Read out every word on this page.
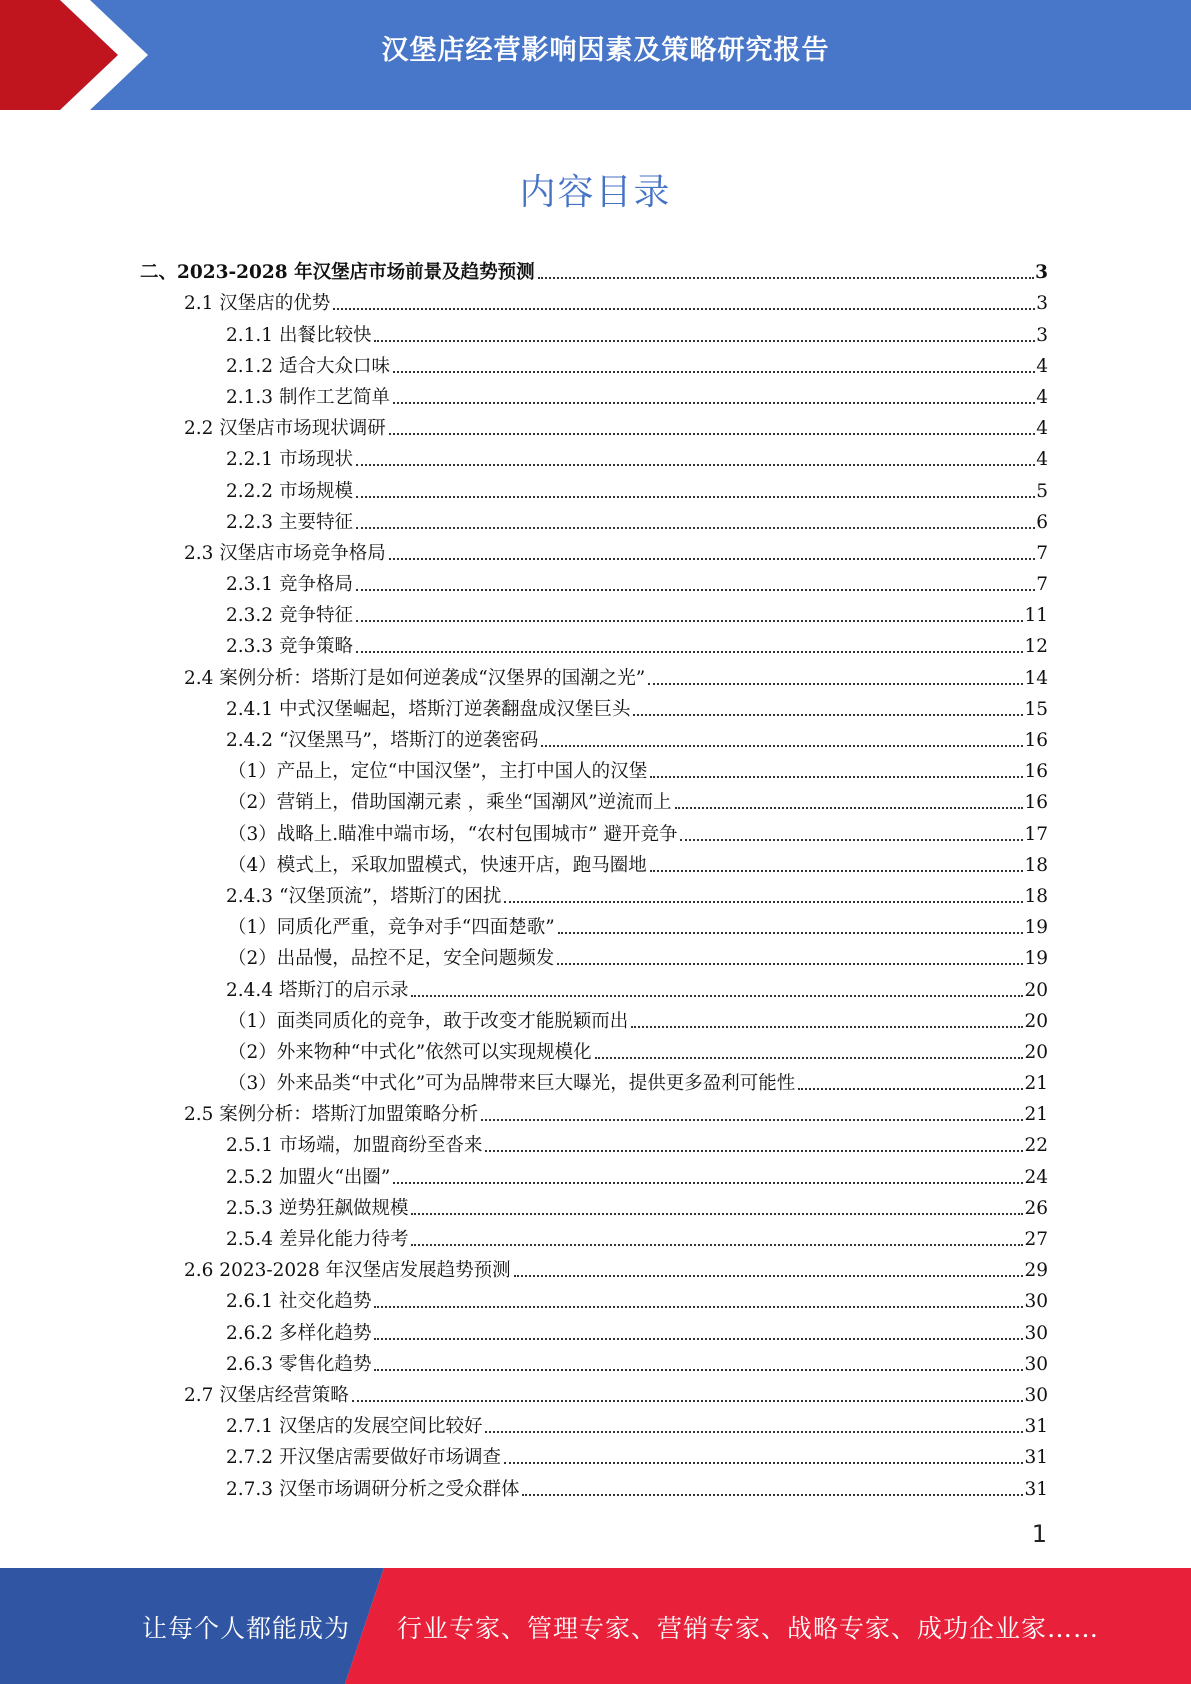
汉堡店经营影响因素及策略研究报告
内容目录
二、2023-2028 年汉堡店市场前景及趋势预测	3
2.1 汉堡店的优势	3
2.1.1 出餐比较快	3
2.1.2 适合大众口味	4
2.1.3 制作工艺简单	4
2.2 汉堡店市场现状调研	4
2.2.1 市场现状	4
2.2.2 市场规模	5
2.2.3 主要特征	6
2.3 汉堡店市场竞争格局	7
2.3.1 竞争格局	7
2.3.2 竞争特征	11
2.3.3 竞争策略	12
2.4 案例分析：塔斯汀是如何逆袭成“汉堡界的国潮之光”	14
2.4.1 中式汉堡崛起，塔斯汀逆袭翻盘成汉堡巨头	15
2.4.2 “汉堡黑马”，塔斯汀的逆袭密码	16
（1）产品上，定位“中国汉堡”，主打中国人的汉堡	16
（2）营销上，借助国潮元素 ，乘坐“国潮风”逆流而上	16
（3）战略上.瞄准中端市场，“农村包围城市” 避开竞争	17
（4）模式上，采取加盟模式，快速开店，跑马圈地	18
2.4.3 “汉堡顶流”，塔斯汀的困扰	18
（1）同质化严重，竞争对手“四面楚歌”	19
（2）出品慢，品控不足，安全问题频发	19
2.4.4 塔斯汀的启示录	20
（1）面类同质化的竞争，敢于改变才能脱颖而出	20
（2）外来物种“中式化”依然可以实现规模化	20
（3）外来品类“中式化”可为品牌带来巨大曝光，提供更多盈利可能性	21
2.5 案例分析：塔斯汀加盟策略分析	21
2.5.1 市场端，加盟商纷至沓来	22
2.5.2 加盟火“出圈”	24
2.5.3 逆势狂飙做规模	26
2.5.4 差异化能力待考	27
2.6 2023-2028 年汉堡店发展趋势预测	29
2.6.1 社交化趋势	30
2.6.2 多样化趋势	30
2.6.3 零售化趋势	30
2.7 汉堡店经营策略	30
2.7.1 汉堡店的发展空间比较好	31
2.7.2 开汉堡店需要做好市场调查	31
2.7.3 汉堡市场调研分析之受众群体	31
1
让每个人都能成为 行业专家、管理专家、营销专家、战略专家、成功企业家……
